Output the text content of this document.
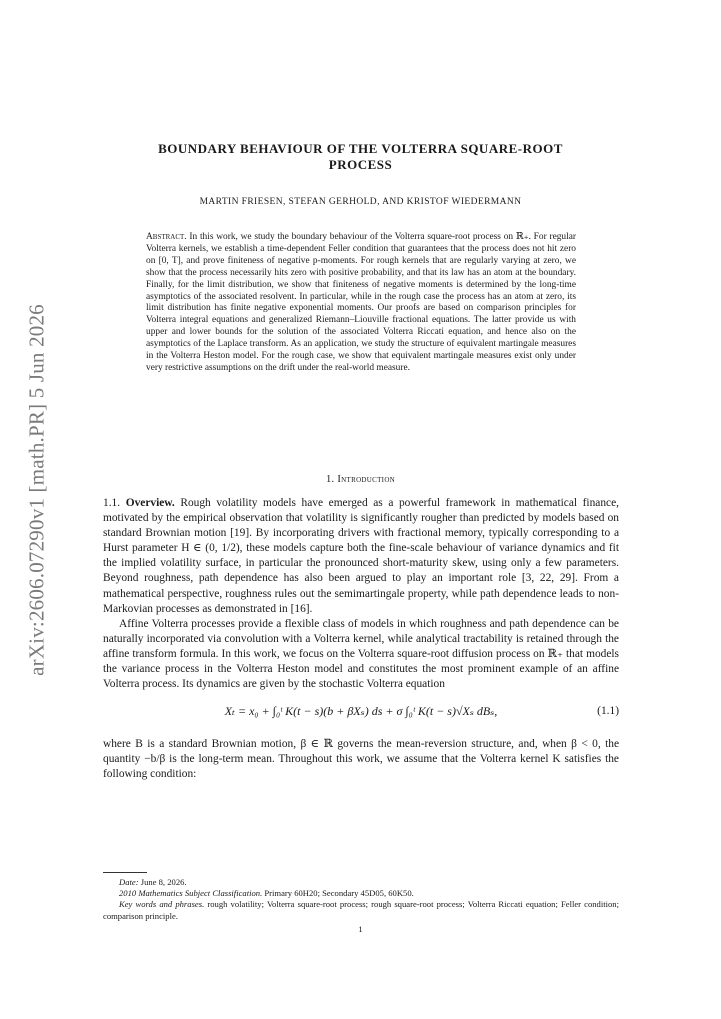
arXiv:2606.07290v1 [math.PR] 5 Jun 2026
BOUNDARY BEHAVIOUR OF THE VOLTERRA SQUARE-ROOT
PROCESS
MARTIN FRIESEN, STEFAN GERHOLD, AND KRISTOF WIEDERMANN
Abstract. In this work, we study the boundary behaviour of the Volterra square-root process on ℝ₊. For regular Volterra kernels, we establish a time-dependent Feller condition that guarantees that the process does not hit zero on [0, T], and prove finiteness of negative p-moments. For rough kernels that are regularly varying at zero, we show that the process necessarily hits zero with positive probability, and that its law has an atom at the boundary. Finally, for the limit distribution, we show that finiteness of negative moments is determined by the long-time asymptotics of the associated resolvent. In particular, while in the rough case the process has an atom at zero, its limit distribution has finite negative exponential moments. Our proofs are based on comparison principles for Volterra integral equations and generalized Riemann–Liouville fractional equations. The latter provide us with upper and lower bounds for the solution of the associated Volterra Riccati equation, and hence also on the asymptotics of the Laplace transform. As an application, we study the structure of equivalent martingale measures in the Volterra Heston model. For the rough case, we show that equivalent martingale measures exist only under very restrictive assumptions on the drift under the real-world measure.
1. Introduction

1.1. Overview. Rough volatility models have emerged as a powerful framework in mathematical finance, motivated by the empirical observation that volatility is significantly rougher than predicted by models based on standard Brownian motion [19]. By incorporating drivers with fractional memory, typically corresponding to a Hurst parameter H ∈ (0, 1/2), these models capture both the fine-scale behaviour of variance dynamics and fit the implied volatility surface, in particular the pronounced short-maturity skew, using only a few parameters. Beyond roughness, path dependence has also been argued to play an important role [3, 22, 29]. From a mathematical perspective, roughness rules out the semimartingale property, while path dependence leads to non-Markovian processes as demonstrated in [16].

Affine Volterra processes provide a flexible class of models in which roughness and path dependence can be naturally incorporated via convolution with a Volterra kernel, while analytical tractability is retained through the affine transform formula. In this work, we focus on the Volterra square-root diffusion process on ℝ₊ that models the variance process in the Volterra Heston model and constitutes the most prominent example of an affine Volterra process. Its dynamics are given by the stochastic Volterra equation

Xₜ = x₀ + ∫₀ᵗ K(t − s)(b + βXₛ) ds + σ ∫₀ᵗ K(t − s)√Xₛ dBₛ,	(1.1)

where B is a standard Brownian motion, β ∈ ℝ governs the mean-reversion structure, and, when β < 0, the quantity −b/β is the long-term mean. Throughout this work, we assume that the Volterra kernel K satisfies the following condition:

Date: June 8, 2026.

2010 Mathematics Subject Classification. Primary 60H20; Secondary 45D05, 60K50.

Key words and phrases. rough volatility; Volterra square-root process; rough square-root process; Volterra Riccati equation; Feller condition; comparison principle.

1
